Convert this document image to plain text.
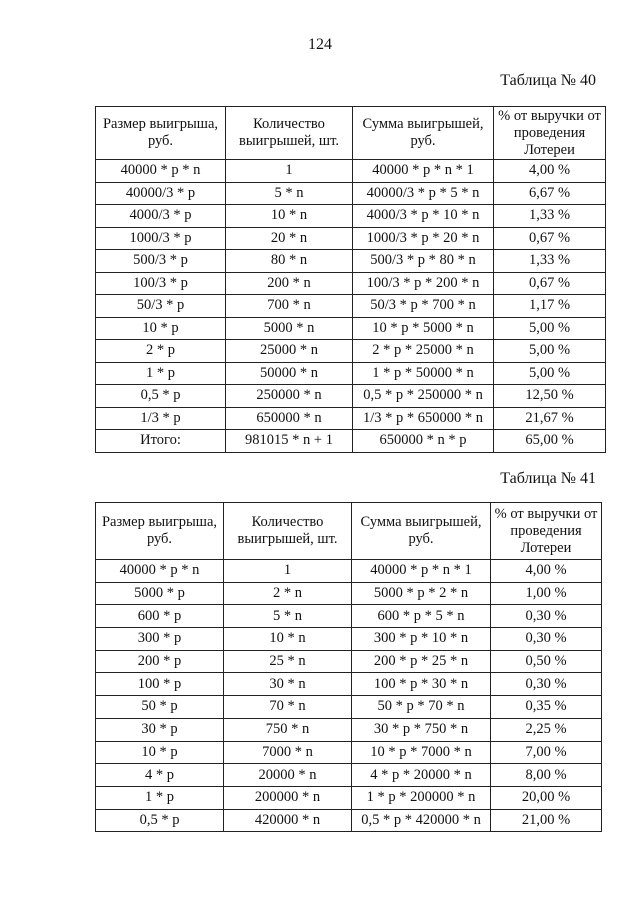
124
Таблица № 40
Размер выигрыша, руб.	Количество выигрышей, шт.	Сумма выигрышей, руб.	% от выручки от проведения Лотереи
40000 * p * n	1	40000 * p * n * 1	4,00 %
40000/3 * p	5 * n	40000/3 * p * 5 * n	6,67 %
4000/3 * p	10 * n	4000/3 * p * 10 * n	1,33 %
1000/3 * p	20 * n	1000/3 * p * 20 * n	0,67 %
500/3 * p	80 * n	500/3 * p * 80 * n	1,33 %
100/3 * p	200 * n	100/3 * p * 200 * n	0,67 %
50/3 * p	700 * n	50/3 * p * 700 * n	1,17 %
10 * p	5000 * n	10 * p * 5000 * n	5,00 %
2 * p	25000 * n	2 * p * 25000 * n	5,00 %
1 * p	50000 * n	1 * p * 50000 * n	5,00 %
0,5 * p	250000 * n	0,5 * p * 250000 * n	12,50 %
1/3 * p	650000 * n	1/3 * p * 650000 * n	21,67 %
Итого:	981015 * n + 1	650000 * n * p	65,00 %
Таблица № 41
Размер выигрыша, руб.	Количество выигрышей, шт.	Сумма выигрышей, руб.	% от выручки от проведения Лотереи
40000 * p * n	1	40000 * p * n * 1	4,00 %
5000 * p	2 * n	5000 * p * 2 * n	1,00 %
600 * p	5 * n	600 * p * 5 * n	0,30 %
300 * p	10 * n	300 * p * 10 * n	0,30 %
200 * p	25 * n	200 * p * 25 * n	0,50 %
100 * p	30 * n	100 * p * 30 * n	0,30 %
50 * p	70 * n	50 * p * 70 * n	0,35 %
30 * p	750 * n	30 * p * 750 * n	2,25 %
10 * p	7000 * n	10 * p * 7000 * n	7,00 %
4 * p	20000 * n	4 * p * 20000 * n	8,00 %
1 * p	200000 * n	1 * p * 200000 * n	20,00 %
0,5 * p	420000 * n	0,5 * p * 420000 * n	21,00 %
